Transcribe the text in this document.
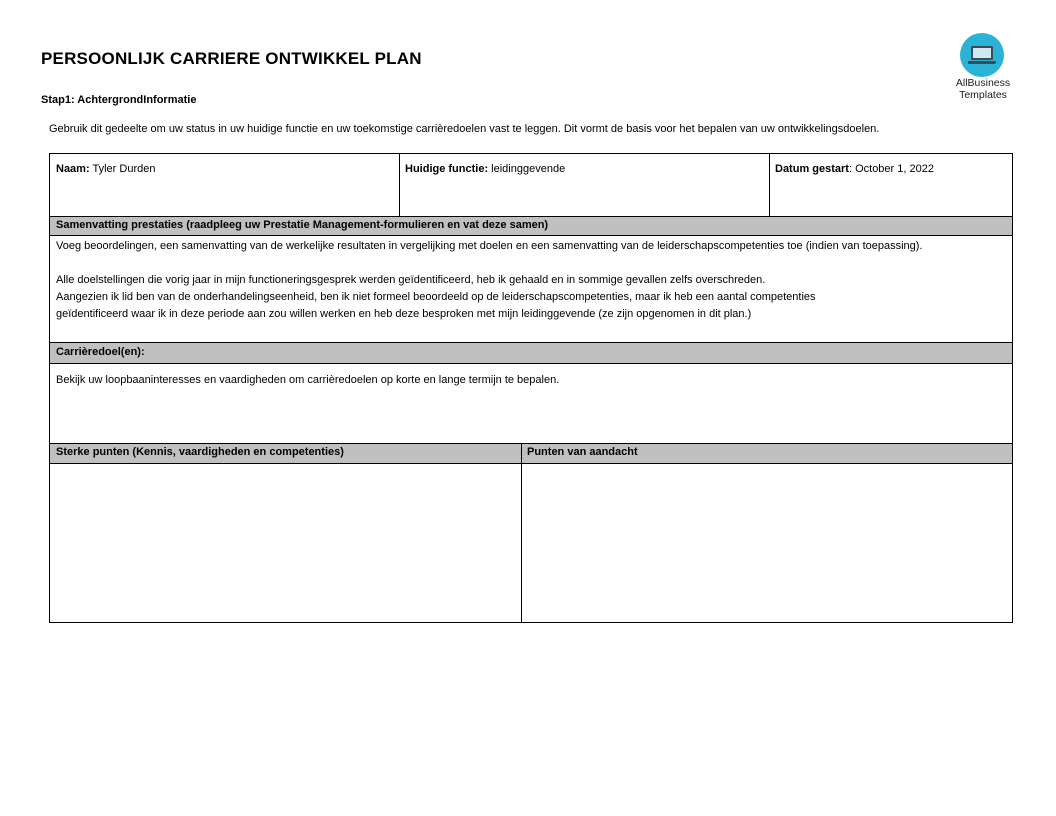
PERSOONLIJK CARRIERE ONTWIKKEL PLAN
Stap1: AchtergrondInformatie
Gebruik dit gedeelte om uw status in uw huidige functie en uw toekomstige carrièredoelen vast te leggen. Dit vormt de basis voor het bepalen van uw ontwikkelingsdoelen.
AllBusiness
Templates
Naam: Tyler Durden	Huidige functie: leidinggevende	Datum gestart: October 1, 2022
Samenvatting prestaties (raadpleeg uw Prestatie Management-formulieren en vat deze samen)
Voeg beoordelingen, een samenvatting van de werkelijke resultaten in vergelijking met doelen en een samenvatting van de leiderschapscompetenties toe (indien van toepassing).
Alle doelstellingen die vorig jaar in mijn functioneringsgesprek werden geïdentificeerd, heb ik gehaald en in sommige gevallen zelfs overschreden.
Aangezien ik lid ben van de onderhandelingseenheid, ben ik niet formeel beoordeeld op de leiderschapscompetenties, maar ik heb een aantal competenties
geïdentificeerd waar ik in deze periode aan zou willen werken en heb deze besproken met mijn leidinggevende (ze zijn opgenomen in dit plan.)
Carrièredoel(en):
Bekijk uw loopbaaninteresses en vaardigheden om carrièredoelen op korte en lange termijn te bepalen.
Sterke punten (Kennis, vaardigheden en competenties)	Punten van aandacht
